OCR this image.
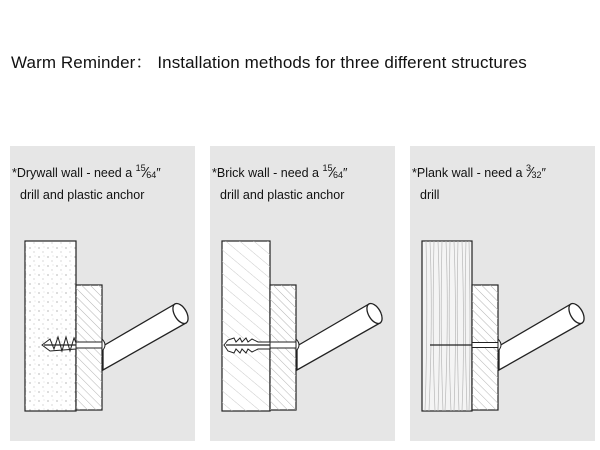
Warm Reminder： Installation methods for three different structures
*Drywall wall - need a $^{15}⁄_{64}''$
drill and plastic anchor
*Brick wall - need a $^{15}⁄_{64}''$
drill and plastic anchor
*Plank wall - need a $^3⁄_{32}''$
drill
